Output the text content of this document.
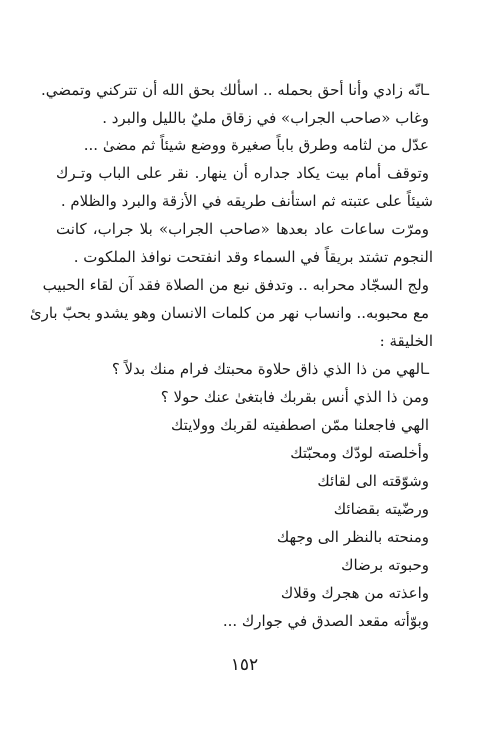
ـانّه زادي وأنا أحق بحمله .. اسألك بحق الله أن تتركني وتمضي.
وغاب «صاحب الجراب» في زقاق مليٌ بالليل والبرد .
عدّل من لثامه وطرق باباً صغيرة ووضع شيئاً ثم مضىٰ ...
وتوقف أمام بيت يكاد جداره أن ينهار. نقر على الباب وتـرك
شيئاً على عتبته ثم استأنف طريقه في الأزقة والبرد والظلام .
ومرّت ساعات عاد بعدها «صاحب الجراب» بلا جراب، كانت
النجوم تشتد بريقاً في السماء وقد انفتحت نوافذ الملكوت .
ولج السجّاد محرابه .. وتدفق نبع من الصلاة فقد آن لقاء الحبيب
مع محبوبه.. وانساب نهر من كلمات الانسان وهو يشدو بحبّ بارئ
الخليقة :
ـالهي من ذا الذي ذاق حلاوة محبتك فرام منك بدلاً ؟
ومن ذا الذي أنس بقربك فابتغىٰ عنك حولا ؟
الهي فاجعلنا ممّن اصطفيته لقربك وولايتك
وأخلصته لودّك ومحبّتك
وشوّقته الى لقائك
ورضّيته بقضائك
ومنحته بالنظر الى وجهك
وحبوته برضاك
واعذته من هجرك وقلاك
وبوّأته مقعد الصدق في جوارك ...
١٥٢
